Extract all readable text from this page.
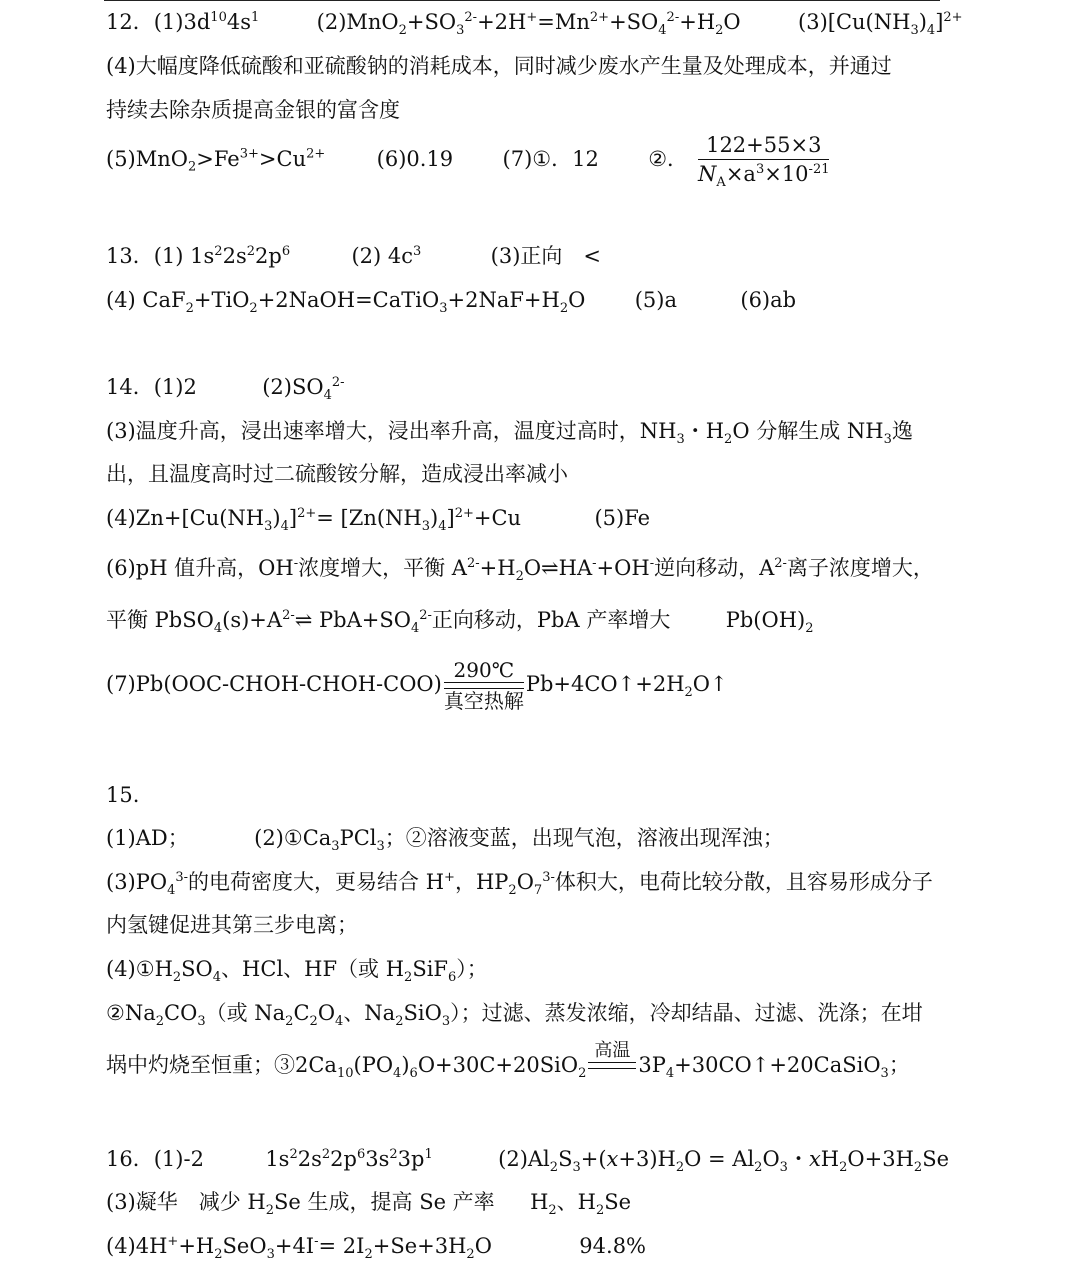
12．$(1)3d^{10}4s^1$	$(2)MnO_2+SO_3^{2-}+2H^+=Mn^{2+}+SO_4^{2-}+H_2O$	$(3)[Cu(NH_3)_4]^{2+}$
(4)大幅度降低硫酸和亚硫酸钠的消耗成本，同时减少废水产生量及处理成本，并通过
持续去除杂质提高金银的富含度
$(5)MnO_2>Fe^{3+}>Cu^{2+}$ (6)0.19 (7)①．12 ②． $\frac{122+55\times 3}{N_A\times a^3\times 10^{-21}}$
13．(1) $1s^22s^22p^6$	(2) $4c^3$	(3)正向　<
(4) $CaF_2+TiO_2+2NaOH=CaTiO_3+2NaF+H_2O$ (5)a	(6)ab
14．(1)2	$(2)SO_4^{2-}$
(3)温度升高，浸出速率增大，浸出率升高，温度过高时，$NH_3$・$H_2O$ 分解生成 $NH_3$逸
出，且温度高时过二硫酸铵分解，造成浸出率减小
$(4)Zn+[Cu(NH_3)_4]^{2+}= [Zn(NH_3)_4]^{2+}+Cu$	(5)Fe
(6)pH 值升高，OH-浓度增大，平衡 $A^{2-}+H_2O\rightleftharpoons HA^-+OH^-$逆向移动，$A^{2-}$离子浓度增大，
平衡 $PbSO_4(s)+A^{2-}\rightleftharpoons$ $PbA+SO_4^{2-}$正向移动，PbA 产率增大	$Pb(OH)_2$
(7)Pb(OOC-CHOH-CHOH-COO)
290℃
真空热解
$Pb+4CO↑+2H_2O↑$
15.
(1)AD；	$(2)①Ca_3PCl_3$；②溶液变蓝，出现气泡，溶液出现浑浊；
$(3)PO_4^{3-}$的电荷密度大，更易结合 H+，$HP_2O_7^{3-}$体积大，电荷比较分散，且容易形成分子
内氢键促进其第三步电离；
$(4)①H_2SO_4$、HCl、HF（或 $H_2SiF_6$）；
$②Na_2CO_3$（或 $Na_2C_2O_4$、$Na_2SiO_3$）；过滤、蒸发浓缩，冷却结晶、过滤、洗涤；在坩
埚中灼烧至恒重；$③2Ca_{10}(PO_4)_6O+30C+20SiO_2$
高温

$3P_4+30CO↑+20CaSiO_3$；
16．(1)-2	$1s^22s^22p^63s^23p^1$	$(2)Al_2S_3+(x+3)H_2O = Al_2O_3$・$xH_2O+3H_2Se$
(3)凝华　减少 $H_2Se$ 生成，提高 Se 产率 $H_2$、$H_2Se$
$(4)4H^++H_2SeO_3+4I^-= 2I_2+Se+3H_2O$	94.8%
